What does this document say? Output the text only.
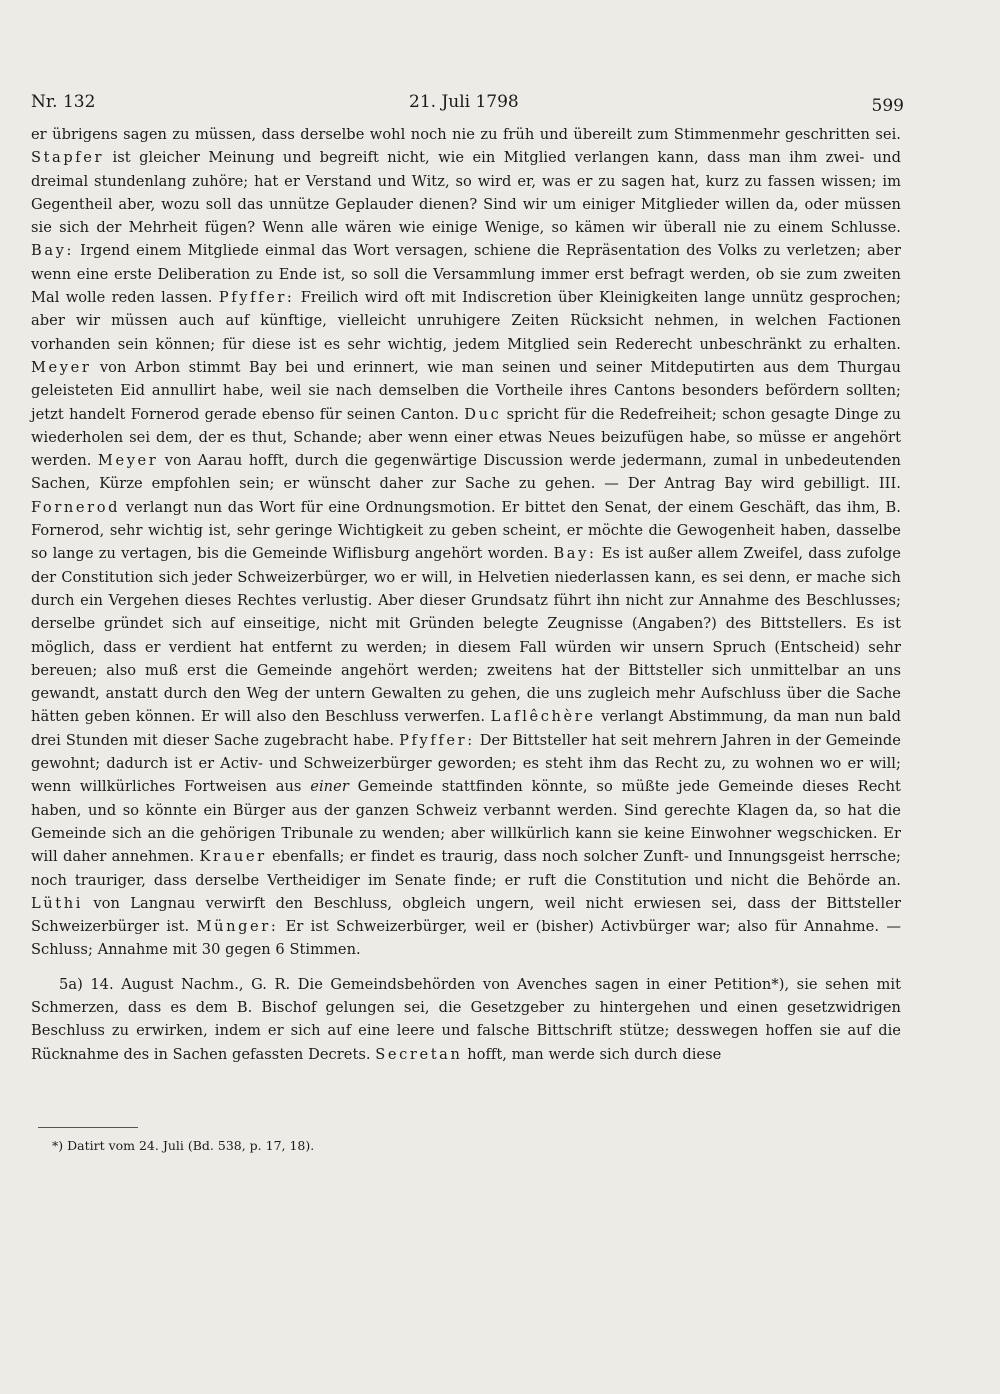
Nr. 132	21. Juli 1798	599
er übrigens sagen zu müssen, dass derselbe wohl noch nie zu früh und übereilt zum Stimmenmehr geschritten sei. Stapfer ist gleicher Meinung und begreift nicht, wie ein Mitglied verlangen kann, dass man ihm zwei- und dreimal stundenlang zuhöre; hat er Verstand und Witz, so wird er, was er zu sagen hat, kurz zu fassen wissen; im Gegentheil aber, wozu soll das unnütze Geplauder dienen? Sind wir um einiger Mitglieder willen da, oder müssen sie sich der Mehrheit fügen? Wenn alle wären wie einige Wenige, so kämen wir überall nie zu einem Schlusse. Bay: Irgend einem Mitgliede einmal das Wort versagen, schiene die Repräsentation des Volks zu verletzen; aber wenn eine erste Deliberation zu Ende ist, so soll die Versammlung immer erst befragt werden, ob sie zum zweiten Mal wolle reden lassen. Pfyffer: Freilich wird oft mit Indiscretion über Kleinigkeiten lange unnütz gesprochen; aber wir müssen auch auf künftige, vielleicht unruhigere Zeiten Rücksicht nehmen, in welchen Factionen vorhanden sein können; für diese ist es sehr wichtig, jedem Mitglied sein Rederecht unbeschränkt zu erhalten. Meyer von Arbon stimmt Bay bei und erinnert, wie man seinen und seiner Mitdeputirten aus dem Thurgau geleisteten Eid annullirt habe, weil sie nach demselben die Vortheile ihres Cantons besonders befördern sollten; jetzt handelt Fornerod gerade ebenso für seinen Canton. Duc spricht für die Redefreiheit; schon gesagte Dinge zu wiederholen sei dem, der es thut, Schande; aber wenn einer etwas Neues beizufügen habe, so müsse er angehört werden. Meyer von Aarau hofft, durch die gegenwärtige Discussion werde jedermann, zumal in unbedeutenden Sachen, Kürze empfohlen sein; er wünscht daher zur Sache zu gehen. — Der Antrag Bay wird gebilligt. III. Fornerod verlangt nun das Wort für eine Ordnungsmotion. Er bittet den Senat, der einem Geschäft, das ihm, B. Fornerod, sehr wichtig ist, sehr geringe Wichtigkeit zu geben scheint, er möchte die Gewogenheit haben, dasselbe so lange zu vertagen, bis die Gemeinde Wiflisburg angehört worden. Bay: Es ist außer allem Zweifel, dass zufolge der Constitution sich jeder Schweizerbürger, wo er will, in Helvetien niederlassen kann, es sei denn, er mache sich durch ein Vergehen dieses Rechtes verlustig. Aber dieser Grundsatz führt ihn nicht zur Annahme des Beschlusses; derselbe gründet sich auf einseitige, nicht mit Gründen belegte Zeugnisse (Angaben?) des Bittstellers. Es ist möglich, dass er verdient hat entfernt zu werden; in diesem Fall würden wir unsern Spruch (Entscheid) sehr bereuen; also muß erst die Gemeinde angehört werden; zweitens hat der Bittsteller sich unmittelbar an uns gewandt, anstatt durch den Weg der untern Gewalten zu gehen, die uns zugleich mehr Aufschluss über die Sache hätten geben können. Er will also den Beschluss verwerfen. Laflêchère verlangt Abstimmung, da man nun bald drei Stunden mit dieser Sache zugebracht habe. Pfyffer: Der Bittsteller hat seit mehrern Jahren in der Gemeinde gewohnt; dadurch ist er Activ- und Schweizerbürger geworden; es steht ihm das Recht zu, zu wohnen wo er will; wenn willkürliches Fortweisen aus einer Gemeinde stattfinden könnte, so müßte jede Gemeinde dieses Recht haben, und so könnte ein Bürger aus der ganzen Schweiz verbannt werden. Sind gerechte Klagen da, so hat die Gemeinde sich an die gehörigen Tribunale zu wenden; aber willkürlich kann sie keine Einwohner wegschicken. Er will daher annehmen. Krauer ebenfalls; er findet es traurig, dass noch solcher Zunft- und Innungsgeist herrsche; noch trauriger, dass derselbe Vertheidiger im Senate finde; er ruft die Constitution und nicht die Behörde an. Lüthi von Langnau verwirft den Beschluss, obgleich ungern, weil nicht erwiesen sei, dass der Bittsteller Schweizerbürger ist. Münger: Er ist Schweizerbürger, weil er (bisher) Activbürger war; also für Annahme. — Schluss; Annahme mit 30 gegen 6 Stimmen.
5a) 14. August Nachm., G. R. Die Gemeindsbehörden von Avenches sagen in einer Petition*), sie sehen mit Schmerzen, dass es dem B. Bischof gelungen sei, die Gesetzgeber zu hintergehen und einen gesetzwidrigen Beschluss zu erwirken, indem er sich auf eine leere und falsche Bittschrift stütze; desswegen hoffen sie auf die Rücknahme des in Sachen gefassten Decrets. Secretan hofft, man werde sich durch diese
*) Datirt vom 24. Juli (Bd. 538, p. 17, 18).
